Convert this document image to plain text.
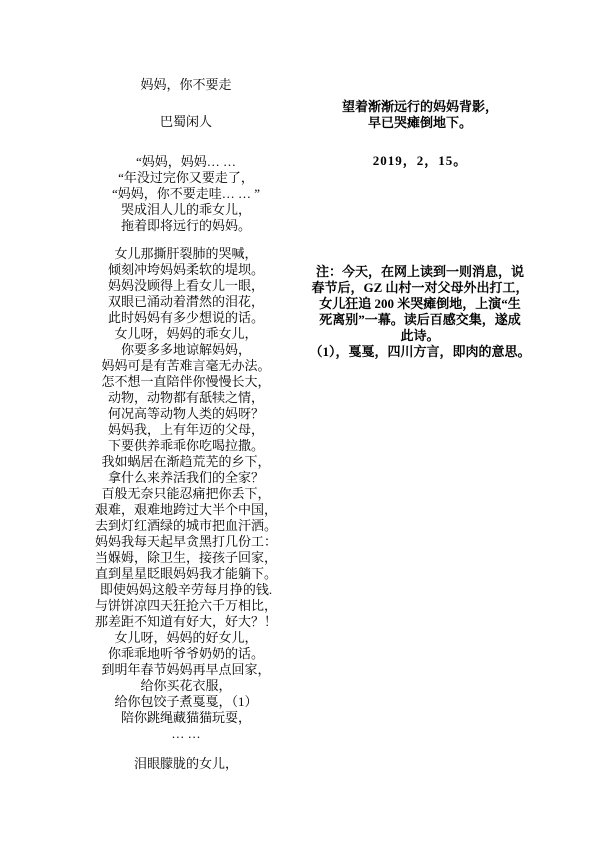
妈妈，你不要走
巴蜀闲人
“妈妈，妈妈… …
“年没过完你又要走了，
“妈妈，你不要走哇… … ”
哭成泪人儿的乖女儿，
拖着即将远行的妈妈。
女儿那撕肝裂肺的哭喊，
倾刻冲垮妈妈柔软的堤坝。
妈妈没顾得上看女儿一眼，
双眼已涌动着潸然的泪花，
此时妈妈有多少想说的话。
女儿呀，妈妈的乖女儿，
你要多多地谅解妈妈，
妈妈可是有苦难言毫无办法。
怎不想一直陪伴你慢慢长大，
动物，动物都有舐犊之情，
何况高等动物人类的妈呀？
妈妈我，上有年迈的父母，
下要供养乖乖你吃喝拉撒。
我如蜗居在渐趋荒芜的乡下，
拿什么来养活我们的全家？
百般无奈只能忍痛把你丢下，
艰难，艰难地跨过大半个中国，
去到灯红酒绿的城市把血汗洒。
妈妈我每天起早贪黑打几份工：
当媬姆，除卫生，接孩子回家，
直到星星眨眼妈妈我才能躺下。
即使妈妈这般辛劳每月挣的钱.
与饼饼凉四天狂抢六千万相比，
那差距不知道有好大，好大？！
女儿呀，妈妈的好女儿，
你乖乖地听爷爷奶奶的话。
到明年春节妈妈再早点回家，
给你买花衣服，
给你包饺子煮戛戛，（1）
陪你跳绳藏猫猫玩耍，
… …
泪眼朦胧的女儿，
望着渐渐远行的妈妈背影，
早已哭瘫倒地下。
2019，2，15。
注：今天，在网上读到一则消息，说
春节后，GZ 山村一对父母外出打工，
女儿狂追 200 米哭瘫倒地，上演“生
死离别”一幕。读后百感交集，遂成
此诗。
（1），戛戛，四川方言，即肉的意思。
